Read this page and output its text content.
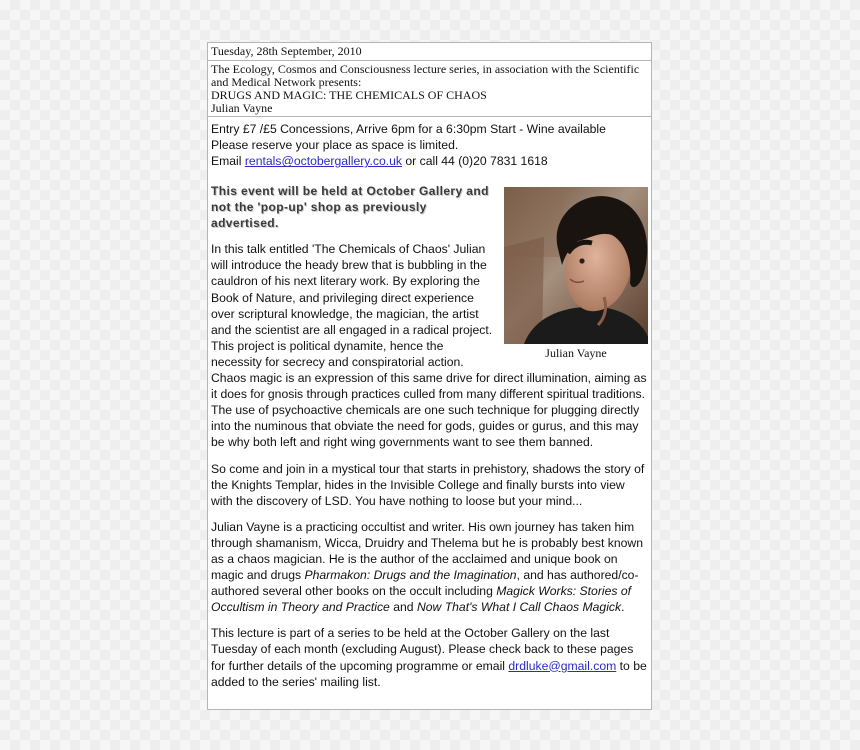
Tuesday, 28th September, 2010
The Ecology, Cosmos and Consciousness lecture series, in association with the Scientific and Medical Network presents:
DRUGS AND MAGIC: THE CHEMICALS OF CHAOS
Julian Vayne
Entry £7 /£5 Concessions, Arrive 6pm for a 6:30pm Start - Wine available
Please reserve your place as space is limited.
Email rentals@octobergallery.co.uk or call 44 (0)20 7831 1618
Julian Vayne

This event will be held at October Gallery and not the 'pop-up' shop as previously advertised.

In this talk entitled 'The Chemicals of Chaos' Julian will introduce the heady brew that is bubbling in the cauldron of his next literary work. By exploring the Book of Nature, and privileging direct experience over scriptural knowledge, the magician, the artist and the scientist are all engaged in a radical project. This project is political dynamite, hence the necessity for secrecy and conspiratorial action. Chaos magic is an expression of this same drive for direct illumination, aiming as it does for gnosis through practices culled from many different spiritual traditions. The use of psychoactive chemicals are one such technique for plugging directly into the numinous that obviate the need for gods, guides or gurus, and this may be why both left and right wing governments want to see them banned.

So come and join in a mystical tour that starts in prehistory, shadows the story of the Knights Templar, hides in the Invisible College and finally bursts into view with the discovery of LSD. You have nothing to loose but your mind...

Julian Vayne is a practicing occultist and writer. His own journey has taken him through shamanism, Wicca, Druidry and Thelema but he is probably best known as a chaos magician. He is the author of the acclaimed and unique book on magic and drugs Pharmakon: Drugs and the Imagination, and has authored/co-authored several other books on the occult including Magick Works: Stories of Occultism in Theory and Practice and Now That's What I Call Chaos Magick.

This lecture is part of a series to be held at the October Gallery on the last Tuesday of each month (excluding August). Please check back to these pages for further details of the upcoming programme or email drdluke@gmail.com to be added to the series' mailing list.
